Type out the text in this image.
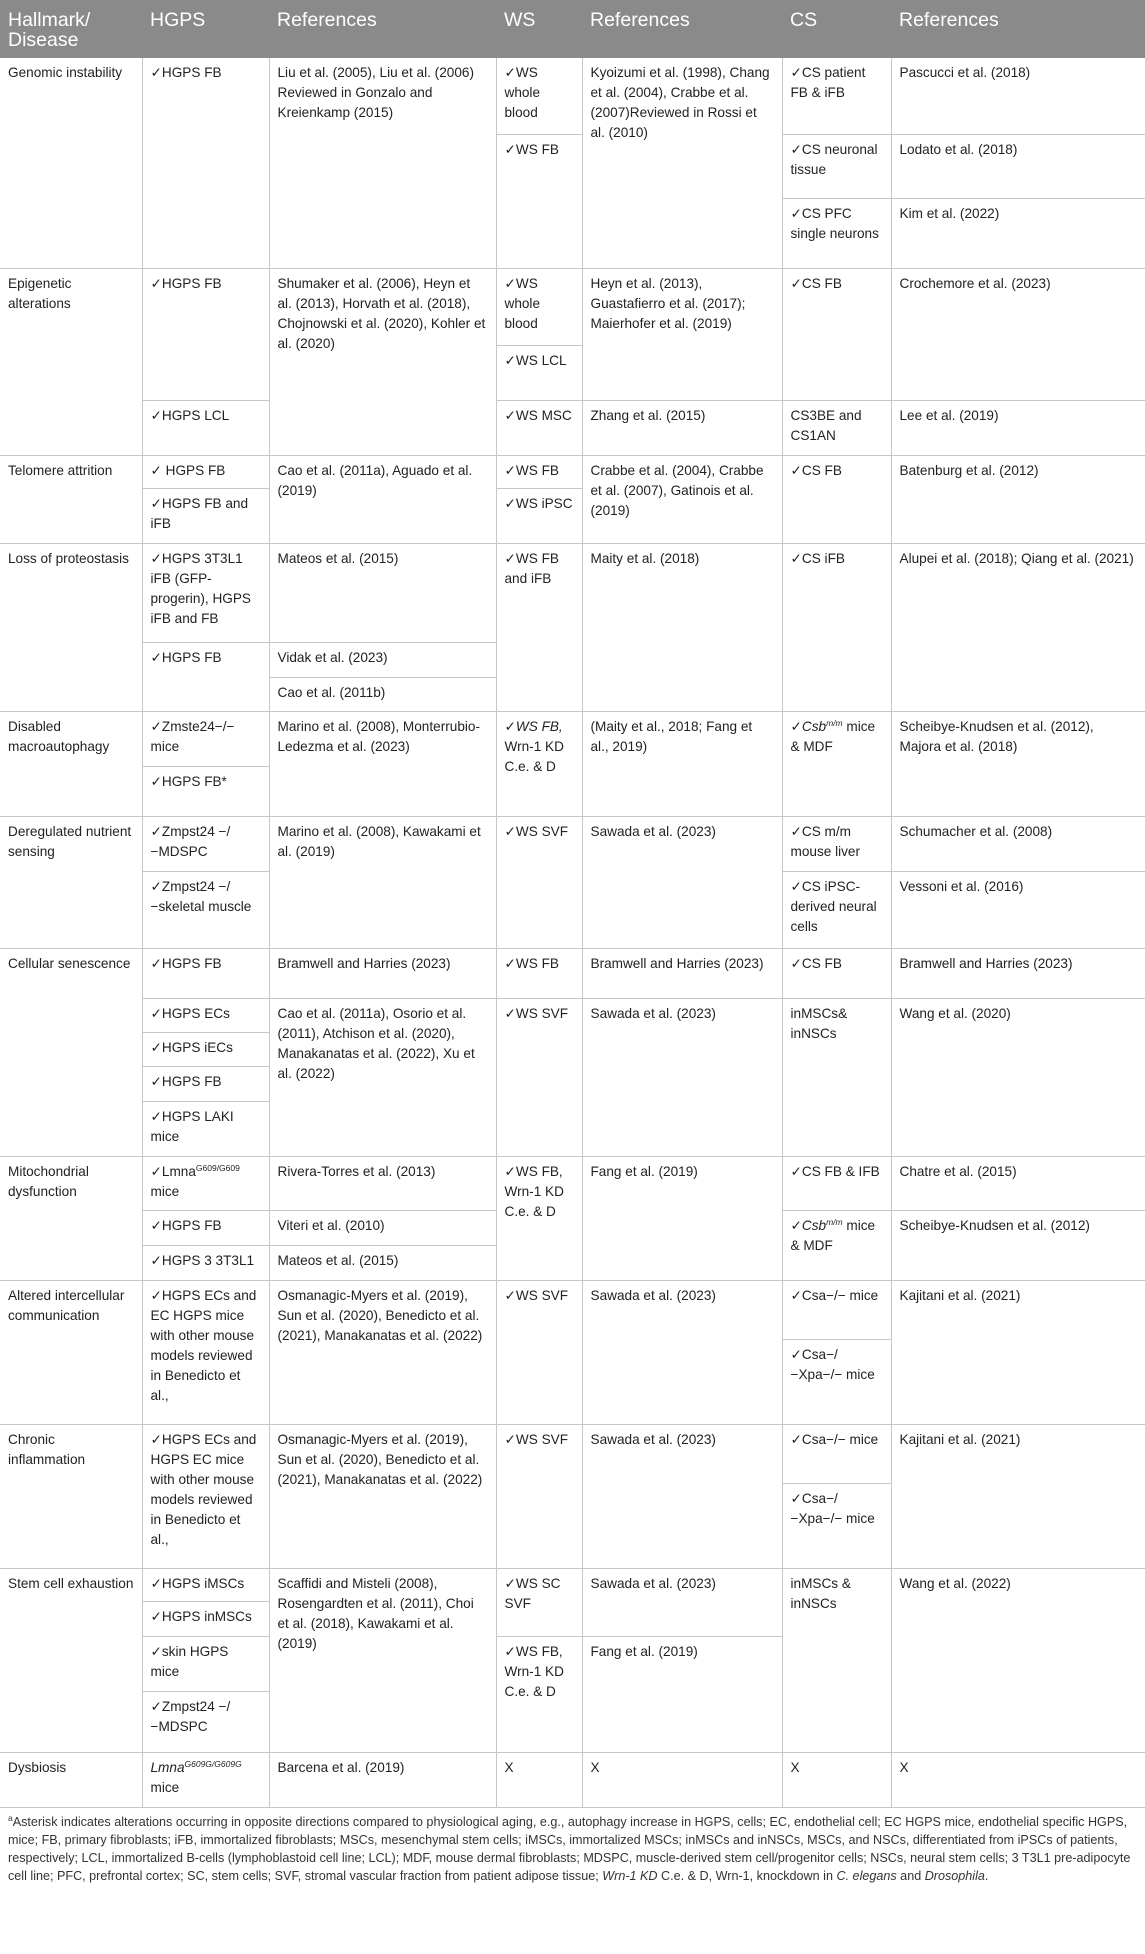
Hallmark/ Disease	HGPS	References	WS	References	CS	References
Genomic instability	✓HGPS FB	Liu et al. (2005), Liu et al. (2006) Reviewed in Gonzalo and Kreienkamp (2015)	✓WS whole blood	Kyoizumi et al. (1998), Chang et al. (2004), Crabbe et al. (2007)Reviewed in Rossi et al. (2010)	✓CS patient FB & iFB	Pascucci et al. (2018)
			✓WS FB		✓CS neuronal tissue	Lodato et al. (2018)
					✓CS PFC single neurons	Kim et al. (2022)
Epigenetic alterations	✓HGPS FB	Shumaker et al. (2006), Heyn et al. (2013), Horvath et al. (2018), Chojnowski et al. (2020), Kohler et al. (2020)	✓WS whole blood	Heyn et al. (2013), Guastafierro et al. (2017); Maierhofer et al. (2019)	✓CS FB	Crochemore et al. (2023)
			✓WS LCL			
	✓HGPS LCL		✓WS MSC	Zhang et al. (2015)	CS3BE and CS1AN	Lee et al. (2019)
Telomere attrition	✓ HGPS FB	Cao et al. (2011a), Aguado et al. (2019)	✓WS FB	Crabbe et al. (2004), Crabbe et al. (2007), Gatinois et al. (2019)	✓CS FB	Batenburg et al. (2012)
	✓HGPS FB and iFB		✓WS iPSC			
Loss of proteostasis	✓HGPS 3T3L1 iFB (GFP-progerin), HGPS iFB and FB	Mateos et al. (2015)	✓WS FB and iFB	Maity et al. (2018)	✓CS iFB	Alupei et al. (2018); Qiang et al. (2021)
	✓HGPS FB	Vidak et al. (2023)				
		Cao et al. (2011b)				
Disabled macroautophagy	✓Zmste24−/− mice	Marino et al. (2008), Monterrubio-Ledezma et al. (2023)	✓WS FB, Wrn-1 KD C.e. & D	(Maity et al., 2018; Fang et al., 2019)	✓Csb$^{m/m}$ mice & MDF	Scheibye-Knudsen et al. (2012), Majora et al. (2018)
	✓HGPS FB*					
Deregulated nutrient sensing	✓Zmpst24 −/−MDSPC	Marino et al. (2008), Kawakami et al. (2019)	✓WS SVF	Sawada et al. (2023)	✓CS m/m mouse liver	Schumacher et al. (2008)
	✓Zmpst24 −/−skeletal muscle				✓CS iPSC-derived neural cells	Vessoni et al. (2016)
Cellular senescence	✓HGPS FB	Bramwell and Harries (2023)	✓WS FB	Bramwell and Harries (2023)	✓CS FB	Bramwell and Harries (2023)
	✓HGPS ECs	Cao et al. (2011a), Osorio et al. (2011), Atchison et al. (2020), Manakanatas et al. (2022), Xu et al. (2022)	✓WS SVF	Sawada et al. (2023)	inMSCs& inNSCs	Wang et al. (2020)
	✓HGPS iECs					
	✓HGPS FB					
	✓HGPS LAKI mice					
Mitochondrial dysfunction	✓Lmna$^{G609/G609}$ mice	Rivera-Torres et al. (2013)	✓WS FB, Wrn-1 KD C.e. & D	Fang et al. (2019)	✓CS FB & IFB	Chatre et al. (2015)
	✓HGPS FB	Viteri et al. (2010)			✓Csb$^{m/m}$ mice & MDF	Scheibye-Knudsen et al. (2012)
	✓HGPS 3 3T3L1	Mateos et al. (2015)				
Altered intercellular communication	✓HGPS ECs and EC HGPS mice with other mouse models reviewed in Benedicto et al.,	Osmanagic-Myers et al. (2019), Sun et al. (2020), Benedicto et al. (2021), Manakanatas et al. (2022)	✓WS SVF	Sawada et al. (2023)	✓Csa−/− mice	Kajitani et al. (2021)
					✓Csa−/ −Xpa−/− mice	
Chronic inflammation	✓HGPS ECs and HGPS EC mice with other mouse models reviewed in Benedicto et al.,	Osmanagic-Myers et al. (2019), Sun et al. (2020), Benedicto et al. (2021), Manakanatas et al. (2022)	✓WS SVF	Sawada et al. (2023)	✓Csa−/− mice	Kajitani et al. (2021)
					✓Csa−/ −Xpa−/− mice	
Stem cell exhaustion	✓HGPS iMSCs	Scaffidi and Misteli (2008), Rosengardten et al. (2011), Choi et al. (2018), Kawakami et al. (2019)	✓WS SC SVF	Sawada et al. (2023)	inMSCs & inNSCs	Wang et al. (2022)
	✓HGPS inMSCs					
	✓skin HGPS mice		✓WS FB, Wrn-1 KD C.e. & D	Fang et al. (2019)		
	✓Zmpst24 −/−MDSPC					
Dysbiosis	Lmna$^{G609G/G609G}$ mice	Barcena et al. (2019)	X	X	X	X
$^a$Asterisk indicates alterations occurring in opposite directions compared to physiological aging, e.g., autophagy increase in HGPS, cells; EC, endothelial cell; EC HGPS mice, endothelial specific HGPS, mice; FB, primary fibroblasts; iFB, immortalized fibroblasts; MSCs, mesenchymal stem cells; iMSCs, immortalized MSCs; inMSCs and inNSCs, MSCs, and NSCs, differentiated from iPSCs of patients, respectively; LCL, immortalized B-cells (lymphoblastoid cell line; LCL); MDF, mouse dermal fibroblasts; MDSPC, muscle-derived stem cell/progenitor cells; NSCs, neural stem cells; 3 T3L1 pre-adipocyte cell line; PFC, prefrontal cortex; SC, stem cells; SVF, stromal vascular fraction from patient adipose tissue; Wrn-1 KD C.e. & D, Wrn-1, knockdown in C. elegans and Drosophila.
